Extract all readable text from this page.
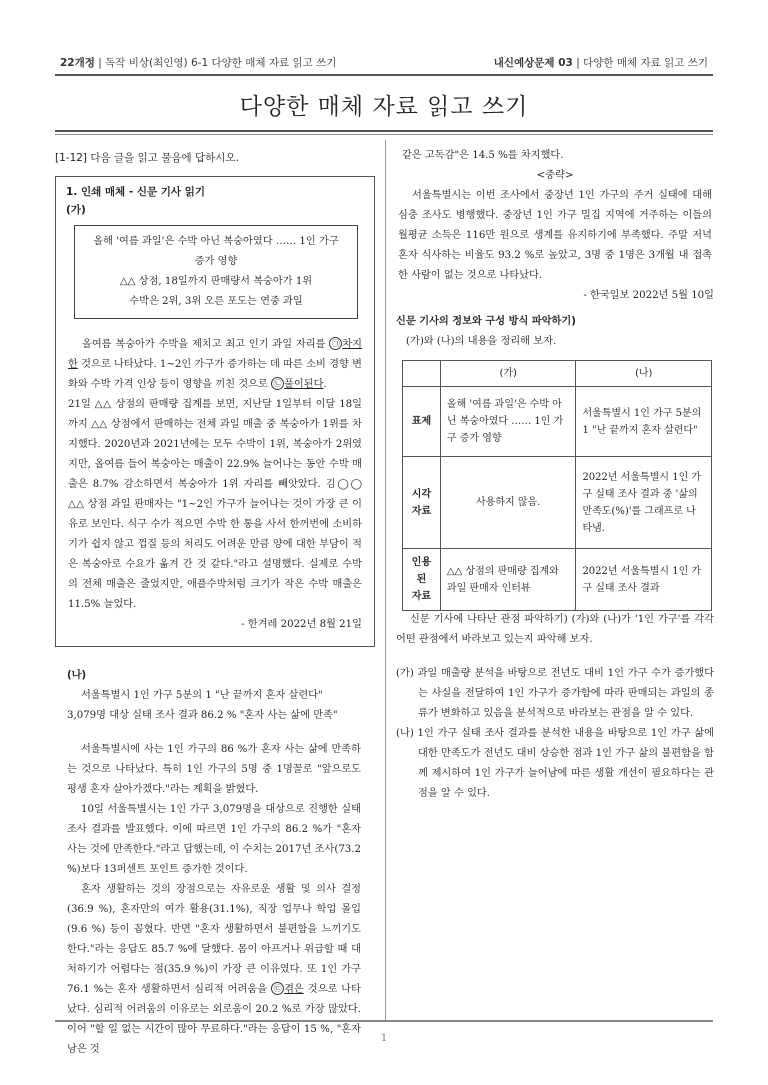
22개정 | 독작 비상(최인영) 6-1 다양한 매체 자료 읽고 쓰기	내신예상문제 03 | 다양한 매체 자료 읽고 쓰기
다양한 매체 자료 읽고 쓰기
[1-12] 다음 글을 읽고 물음에 답하시오.
1. 인쇄 매체 - 신문 기사 읽기
(가)
올해 '여름 과일'은 수박 아닌 복숭아였다 …… 1인 가구
증가 영향
△△ 상점, 18일까지 판매량서 복숭아가 1위
수박은 2위, 3위 오른 포도는 연중 과일

올여름 복숭아가 수박을 제치고 최고 인기 과일 자리를 ㉠ 차지한 것으로 나타났다. 1~2인 가구가 증가하는 데 따른 소비 경향 변화와 수박 가격 인상 등이 영향을 끼친 것으로 ㉡ 풀이된다.

21일 △△ 상점의 판매량 집계를 보면, 지난달 1일부터 이달 18일까지 △△ 상점에서 판매하는 전체 과일 매출 중 복숭아가 1위를 차지했다. 2020년과 2021년에는 모두 수박이 1위, 복숭아가 2위였지만, 올여름 들어 복숭아는 매출이 22.9% 늘어나는 동안 수박 매출은 8.7% 감소하면서 복숭아가 1위 자리를 빼앗았다. 김◯◯ △△ 상점 과일 판매자는 "1~2인 가구가 늘어나는 것이 가장 큰 이유로 보인다. 식구 수가 적으면 수박 한 통을 사서 한꺼번에 소비하기가 쉽지 않고 껍질 등의 처리도 어려운 만큼 양에 대한 부담이 적은 복숭아로 수요가 옮겨 간 것 같다."라고 설명했다. 실제로 수박의 전체 매출은 줄었지만, 애플수박처럼 크기가 작은 수박 매출은 11.5% 늘었다.

- 한겨레 2022년 8월 21일
(나)
서울특별시 1인 가구 5분의 1 "난 끝까지 혼자 살련다"
3,079명 대상 실태 조사 결과 86.2 % "혼자 사는 삶에 만족"

서울특별시에 사는 1인 가구의 86 %가 혼자 사는 삶에 만족하는 것으로 나타났다. 특히 1인 가구의 5명 중 1명꼴로 "앞으로도 평생 혼자 살아가겠다."라는 계획을 밝혔다.

10일 서울특별시는 1인 가구 3,079명을 대상으로 진행한 실태 조사 결과를 발표했다. 이에 따르면 1인 가구의 86.2 %가 "혼자 사는 것에 만족한다."라고 답했는데, 이 수치는 2017년 조사(73.2 %)보다 13퍼센트 포인트 증가한 것이다.

혼자 생활하는 것의 장점으로는 자유로운 생활 및 의사 결정(36.9 %), 혼자만의 여가 활용(31.1%), 직장 업무나 학업 몰입(9.6 %) 등이 꼽혔다. 반면 "혼자 생활하면서 불편함을 느끼기도 한다."라는 응답도 85.7 %에 달했다. 몸이 아프거나 위급할 때 대처하기가 어렵다는 점(35.9 %)이 가장 큰 이유였다. 또 1인 가구 76.1 %는 혼자 생활하면서 심리적 어려움을 ㉢ 겪은 것으로 나타났다. 심리적 어려움의 이유로는 외로움이 20.2 %로 가장 많았다. 이어 "할 일 없는 시간이 많아 무료하다."라는 응답이 15 %, "혼자 남은 것

같은 고독감"은 14.5 %를 차지했다.
<중략>

서울특별시는 이번 조사에서 중장년 1인 가구의 주거 실태에 대해 심층 조사도 병행했다. 중장년 1인 가구 밀집 지역에 거주하는 이들의 월평균 소득은 116만 원으로 생계를 유지하기에 부족했다. 주말 저녁 혼자 식사하는 비율도 93.2 %로 높았고, 3명 중 1명은 3개월 내 접촉한 사람이 없는 것으로 나타났다.

- 한국일보 2022년 5월 10일
신문 기사의 정보와 구성 방식 파악하기)
(가)와 (나)의 내용을 정리해 보자.
	(가)	(나)
표제	올해 '여름 과일'은 수박 아닌 복숭아였다 …… 1인 가구 증가 영향	서울특별시 1인 가구 5분의 1 "난 끝까지 혼자 살련다"

시각
자료	사용하지 않음.	2022년 서울특별시 1인 가구 실태 조사 결과 중 '삶의 만족도(%)'를 그래프로 나타냄.

인용
된
자료	△△ 상점의 판매량 집계와 과일 판매자 인터뷰	2022년 서울특별시 1인 가구 실태 조사 결과

신문 기사에 나타난 관점 파악하기) (가)와 (나)가 '1인 가구'를 각각 어떤 관점에서 바라보고 있는지 파악해 보자.

(가) 과일 매출량 분석을 바탕으로 전년도 대비 1인 가구 수가 증가했다는 사실을 전달하여 1인 가구가 증가함에 따라 판매되는 과일의 종류가 변화하고 있음을 분석적으로 바라보는 관점을 알 수 있다.

(나) 1인 가구 실태 조사 결과를 분석한 내용을 바탕으로 1인 가구 삶에 대한 만족도가 전년도 대비 상승한 점과 1인 가구 삶의 불편함을 함께 제시하여 1인 가구가 늘어남에 따른 생활 개선이 필요하다는 관점을 알 수 있다.

1
